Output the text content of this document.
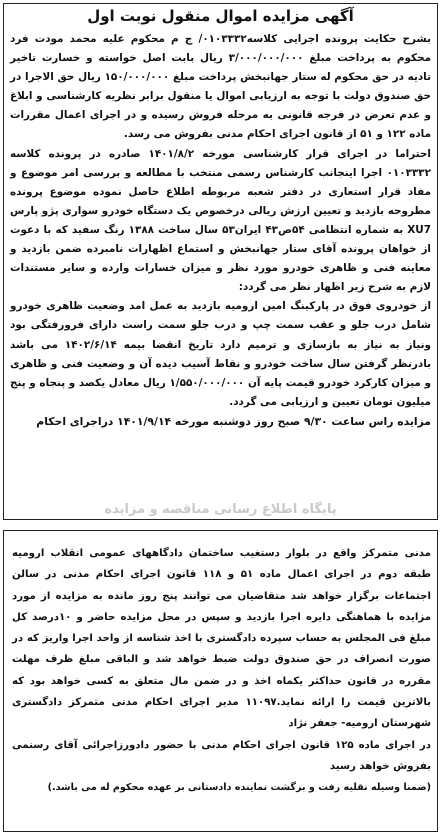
آگهی مزایده اموال منقول نوبت اول

بشرح حکایت پرونده اجرایی کلاسه۰۱۰۳۳۳۲/ ج م محکوم علیه محمد مودت فرد محکوم به پرداخت مبلغ ۳/۰۰۰/۰۰۰/۰۰۰ ریال بابت اصل خواسته و خسارت تاخیر تادیه در حق محکوم له ستار جهانبخش پرداخت مبلغ ۱۵۰/۰۰۰/۰۰۰ ریال حق الاجرا در حق صندوق دولت با توجه به ارزیابی اموال یا منقول برابر نظریه کارشناسی و ابلاغ و عدم تعرض در فرجه قانونی به مرحله فروش رسیده و در اجرای اعمال مقررات ماده ۱۲۲ و ۵۱ از قانون اجرای احکام مدنی بفروش می رسد.

احتراما در اجرای قرار کارشناسی مورخه ۱۴۰۱/۸/۲ صادره در پرونده کلاسه ۰۱۰۳۳۳۲ اجرا اینجانب کارشناس رسمی منتخب با مطالعه و بررسی امر موضوع و مفاد قرار استعاری در دفتر شعبه مربوطه اطلاع حاصل نموده موضوع پرونده مطروحه بازدید و تعیین ارزش ریالی درخصوص یک دستگاه خودرو سواری پژو پارس XU7 به شماره انتظامی ۵۴ص۴۳ ایران۵۳ سال ساخت ۱۳۸۸ رنگ سفید که با دعوت از خواهان پرونده آقای ستار جهانبخش و استماع اظهارات نامبرده ضمن بازدید و معاینه فنی و ظاهری خودرو مورد نظر و میزان خسارات وارده و سایر مستندات لازم به شرح زیر اظهار نظر می گردد:

از خودروی فوق در پارکینگ امین ارومیه بازدید به عمل امد وضعیت ظاهری خودرو شامل درب جلو و عقب سمت چپ و درب جلو سمت راست دارای فرورفتگی بود ونیاز به نیاز به بازسازی و ترمیم دارد تاریخ انقضا بیمه ۱۴۰۲/۶/۱۴ می باشد بادرنظر گرفتن سال ساخت خودرو و نقاط آسیب دیده آن و وضعیت فنی و ظاهری و میزان کارکرد خودرو قیمت پایه آن ۱/۵۵۰/۰۰۰/۰۰۰ ریال معادل یکصد و پنجاه و پنج میلیون تومان تعیین و ارزیابی می گردد.

مزایده راس ساعت ۹/۳۰ صبح روز دوشنبه مورخه ۱۴۰۱/۹/۱۴ دراجرای احکام

پایگاه اطلاع رسانی مناقصه و مزایده

مدنی متمرکز واقع در بلوار دستغیب ساختمان دادگاههای عمومی انقلاب ارومیه طبقه دوم در اجرای اعمال ماده ۵۱ و ۱۱۸ قانون اجرای احکام مدنی در سالن اجتماعات برگزار خواهد شد متقاضیان می توانند پنج روز مانده به مزایده از مورد مزایده با هماهنگی دایره اجرا بازدید و سپس در محل مزایده حاضر و ۱۰درصد کل مبلغ فی المجلس به حساب سپرده دادگستری با اخذ شناسه از واحد اجرا واریز که در صورت انصراف در حق صندوق دولت ضبط خواهد شد و الباقی مبلغ ظرف مهلت مقرره در قانون حداکثر یکماه اخذ و در ضمن مال متعلق به کسی خواهد بود که بالاترین قیمت را ارائه نماید.۱۱۰۹۷ مدیر اجرای احکام مدنی متمرکز دادگستری شهرستان ارومیه- جعفر نژاد

در اجرای ماده ۱۲۵ قانون اجرای احکام مدنی با حضور دادورزاجرائی آقای رسنمی بفروش خواهد رسید

(ضمنا وسیله نقلیه رفت و برگشت نماینده دادستانی بر عهده محکوم له می باشد.)
